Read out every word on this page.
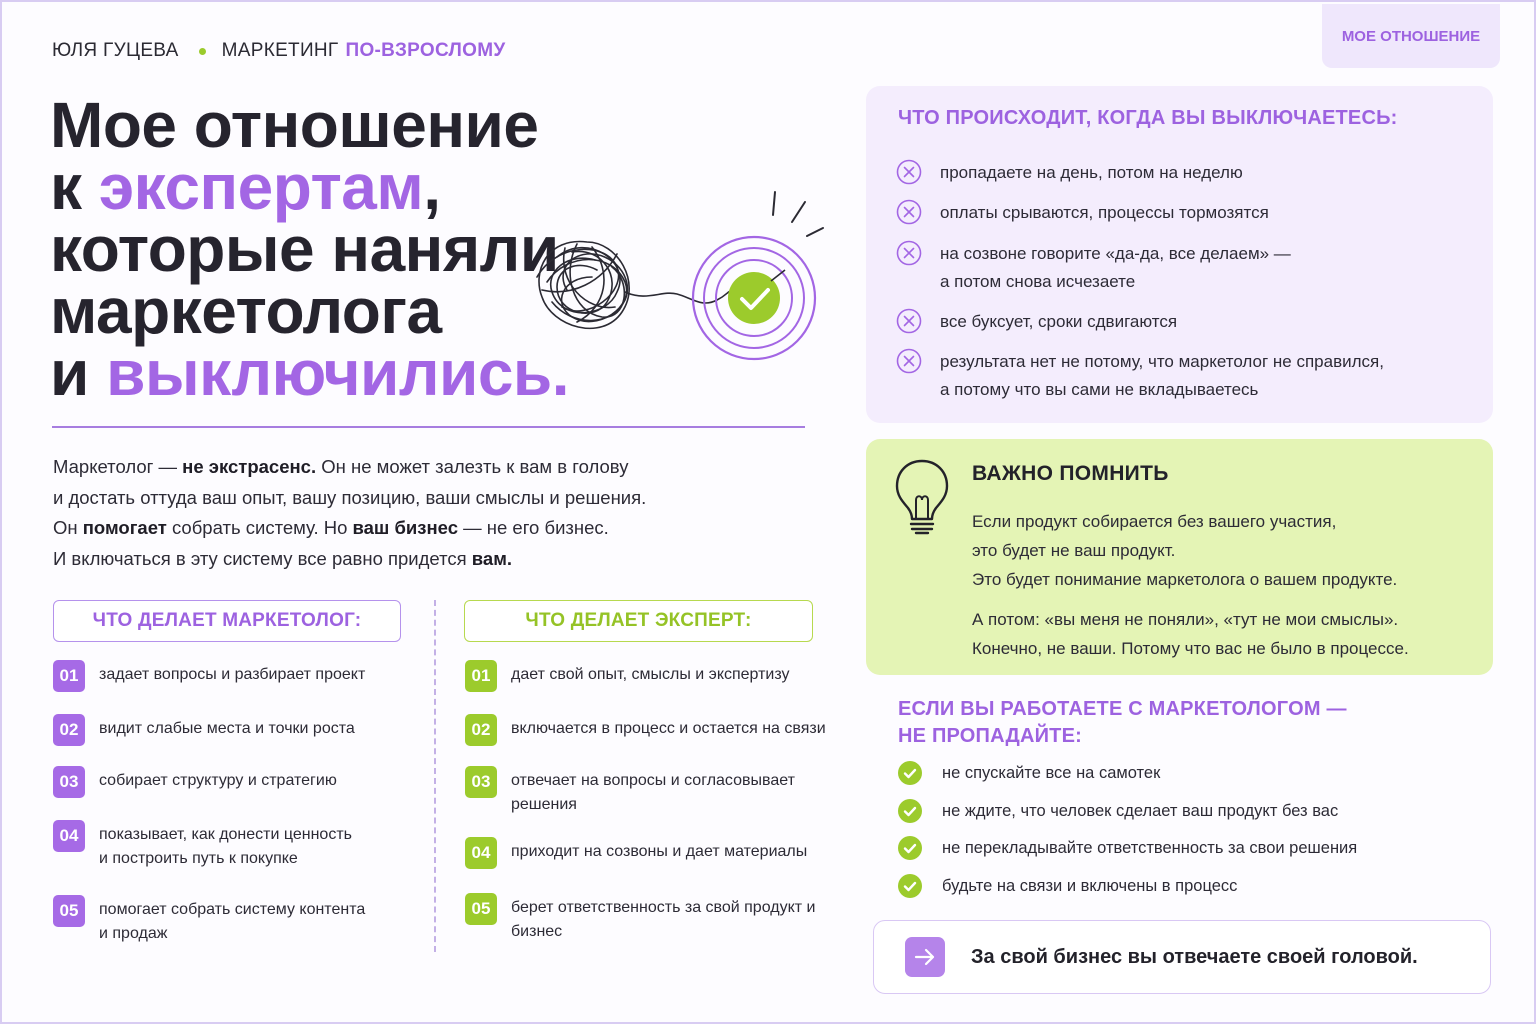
ЮЛЯ ГУЦЕВА МАРКЕТИНГ ПО-ВЗРОСЛОМУ
МОЕ ОТНОШЕНИЕ
Мое отношение
к экспертам,
которые наняли
маркетолога
и выключились.
Маркетолог — не экстрасенс. Он не может залезть к вам в голову
и достать оттуда ваш опыт, вашу позицию, ваши смыслы и решения.
Он помогает собрать систему. Но ваш бизнес — не его бизнес.
И включаться в эту систему все равно придется вам.
ЧТО ДЕЛАЕТ МАРКЕТОЛОГ:	ЧТО ДЕЛАЕТ ЭКСПЕРТ:
01	задает вопросы и разбирает проект
02	видит слабые места и точки роста
03	собирает структуру и стратегию
04	показывает, как донести ценность
и построить путь к покупке
05	помогает собрать систему контента
и продаж
01	дает свой опыт, смыслы и экспертизу
02	включается в процесс и остается на связи
03	отвечает на вопросы и согласовывает
решения
04	приходит на созвоны и дает материалы
05	берет ответственность за свой продукт и
бизнес
ЧТО ПРОИСХОДИТ, КОГДА ВЫ ВЫКЛЮЧАЕТЕСЬ:
пропадаете на день, потом на неделю
оплаты срываются, процессы тормозятся
на созвоне говорите «да-да, все делаем» —
а потом снова исчезаете
все буксует, сроки сдвигаются
результата нет не потому, что маркетолог не справился,
а потому что вы сами не вкладываетесь
ВАЖНО ПОМНИТЬ
Если продукт собирается без вашего участия,
это будет не ваш продукт.
Это будет понимание маркетолога о вашем продукте.
А потом: «вы меня не поняли», «тут не мои смыслы».
Конечно, не ваши. Потому что вас не было в процессе.
ЕСЛИ ВЫ РАБОТАЕТЕ С МАРКЕТОЛОГОМ —
НЕ ПРОПАДАЙТЕ:
не спускайте все на самотек
не ждите, что человек сделает ваш продукт без вас
не перекладывайте ответственность за свои решения
будьте на связи и включены в процесс
За свой бизнес вы отвечаете своей головой.
